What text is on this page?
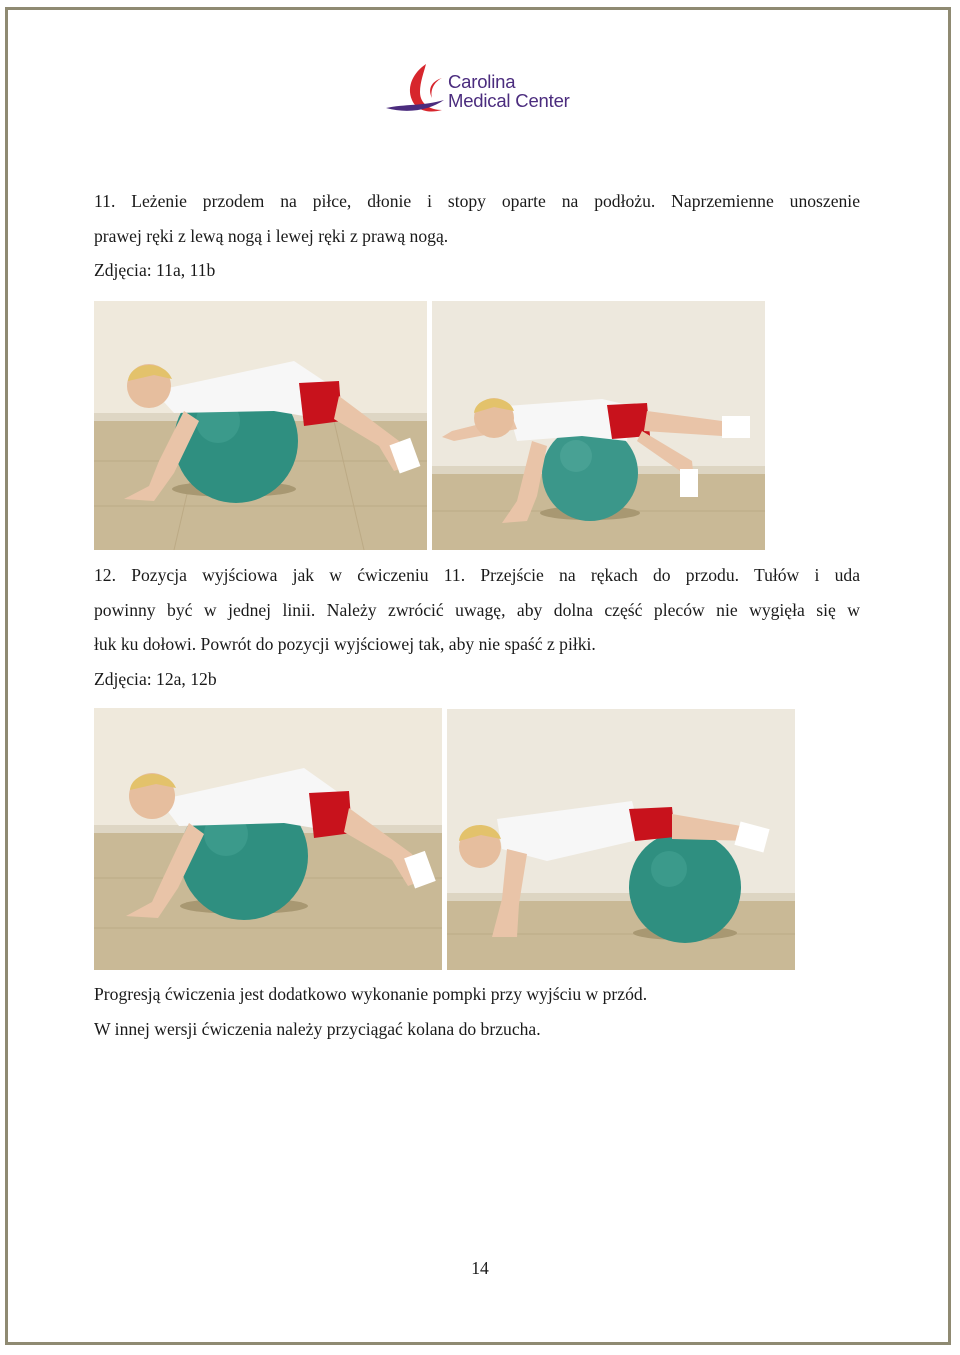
Carolina
Medical Center
11. Leżenie przodem na piłce, dłonie i stopy oparte na podłożu. Naprzemienne unoszenie
prawej ręki z lewą nogą i lewej ręki z prawą nogą.
Zdjęcia: 11a, 11b
12. Pozycja wyjściowa jak w ćwiczeniu 11. Przejście na rękach do przodu. Tułów i uda
powinny być w jednej linii. Należy zwrócić uwagę, aby dolna część pleców nie wygięła się w
łuk ku dołowi. Powrót do pozycji wyjściowej tak, aby nie spaść z piłki.
Zdjęcia: 12a, 12b
Progresją ćwiczenia jest dodatkowo wykonanie pompki przy wyjściu w przód.
W innej wersji ćwiczenia należy przyciągać kolana do brzucha.
14
